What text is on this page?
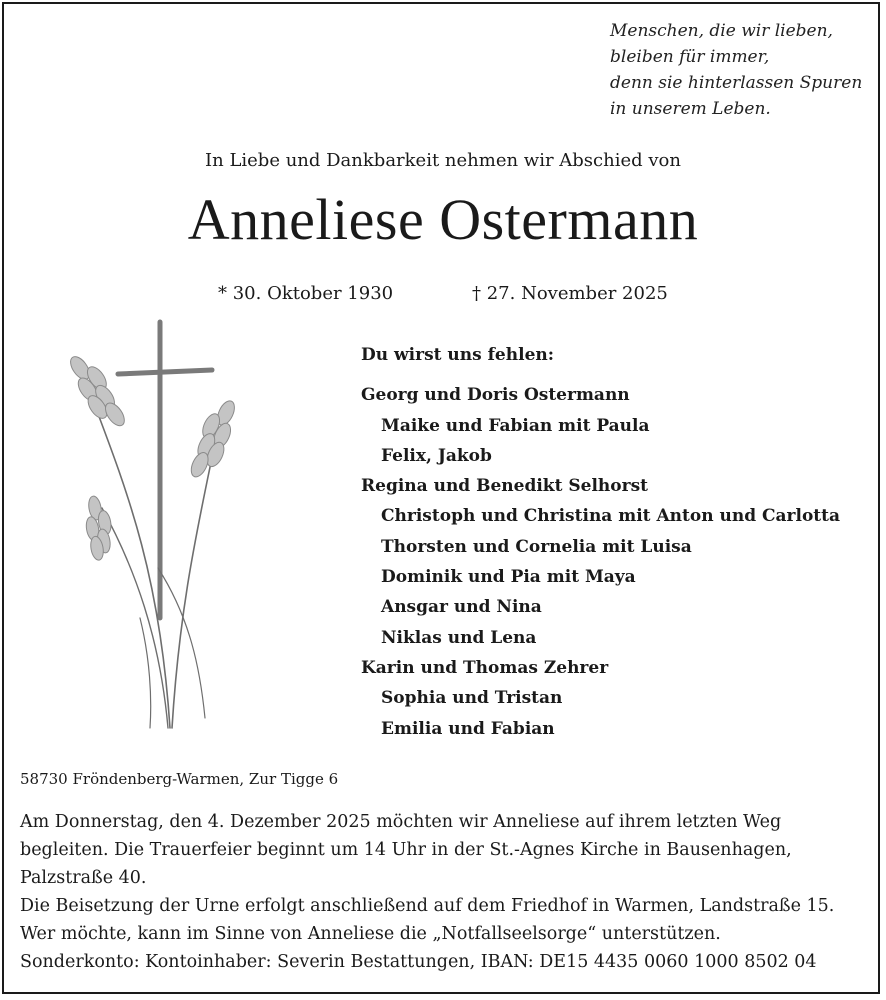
Menschen, die wir lieben,
bleiben für immer,
denn sie hinterlassen Spuren
in unserem Leben.
In Liebe und Dankbarkeit nehmen wir Abschied von
Anneliese Ostermann
* 30. Oktober 1930	† 27. November 2025
Du wirst uns fehlen:
Georg und Doris Ostermann
Maike und Fabian mit Paula
Felix, Jakob
Regina und Benedikt Selhorst
Christoph und Christina mit Anton und Carlotta
Thorsten und Cornelia mit Luisa
Dominik und Pia mit Maya
Ansgar und Nina
Niklas und Lena
Karin und Thomas Zehrer
Sophia und Tristan
Emilia und Fabian
58730 Fröndenberg-Warmen, Zur Tigge 6
Am Donnerstag, den 4. Dezember 2025 möchten wir Anneliese auf ihrem letzten Weg
begleiten. Die Trauerfeier beginnt um 14 Uhr in der St.-Agnes Kirche in Bausenhagen,
Palzstraße 40.
Die Beisetzung der Urne erfolgt anschließend auf dem Friedhof in Warmen, Landstraße 15.
Wer möchte, kann im Sinne von Anneliese die „Notfallseelsorge“ unterstützen.
Sonderkonto: Kontoinhaber: Severin Bestattungen, IBAN: DE15 4435 0060 1000 8502 04
